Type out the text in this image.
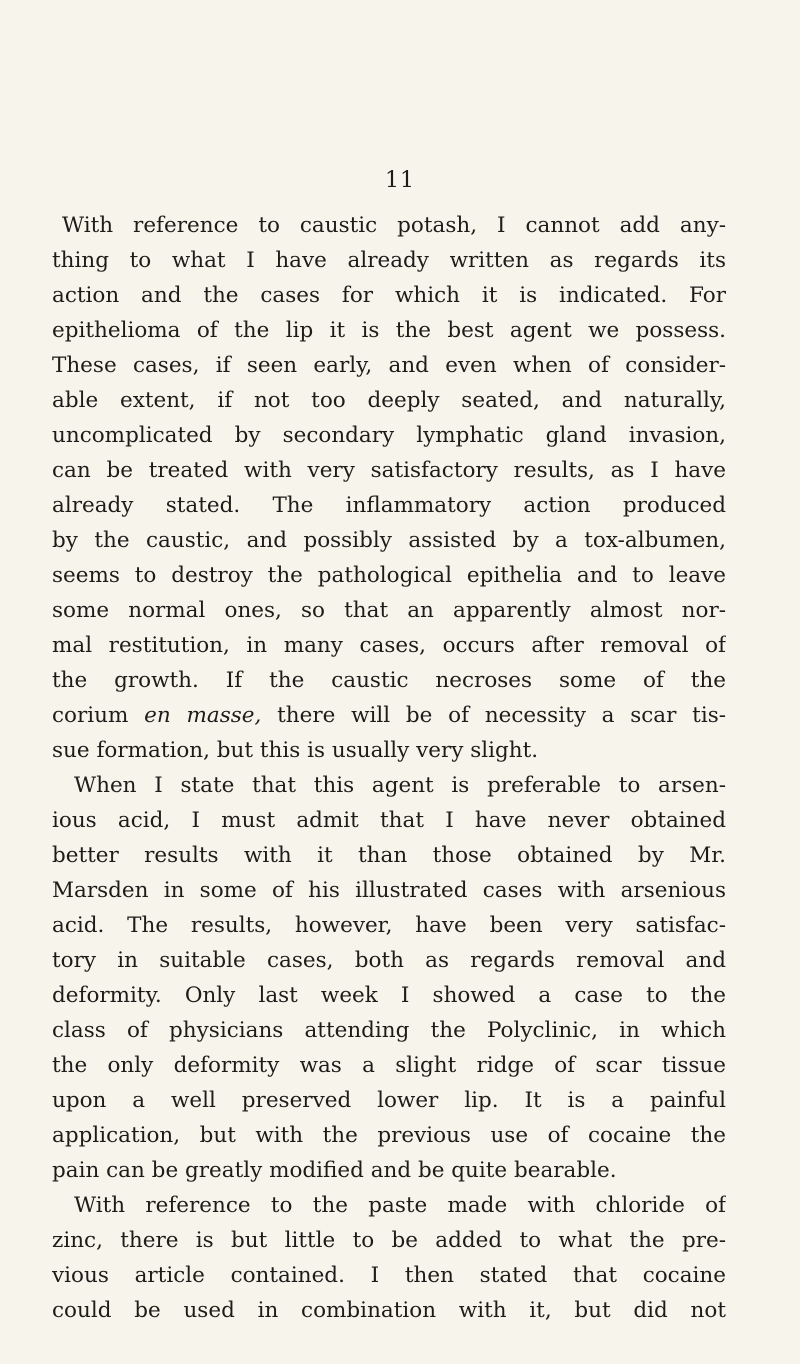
11
With reference to caustic potash, I cannot add any-
thing to what I have already written as regards its
action and the cases for which it is indicated. For
epithelioma of the lip it is the best agent we possess.
These cases, if seen early, and even when of consider-
able extent, if not too deeply seated, and naturally,
uncomplicated by secondary lymphatic gland invasion,
can be treated with very satisfactory results, as I have
already stated. The inflammatory action produced
by the caustic, and possibly assisted by a tox-albumen,
seems to destroy the pathological epithelia and to leave
some normal ones, so that an apparently almost nor-
mal restitution, in many cases, occurs after removal of
the growth. If the caustic necroses some of the
corium en masse, there will be of necessity a scar tis-
sue formation, but this is usually very slight.
When I state that this agent is preferable to arsen-
ious acid, I must admit that I have never obtained
better results with it than those obtained by Mr.
Marsden in some of his illustrated cases with arsenious
acid. The results, however, have been very satisfac-
tory in suitable cases, both as regards removal and
deformity. Only last week I showed a case to the
class of physicians attending the Polyclinic, in which
the only deformity was a slight ridge of scar tissue
upon a well preserved lower lip. It is a painful
application, but with the previous use of cocaine the
pain can be greatly modified and be quite bearable.
With reference to the paste made with chloride of
zinc, there is but little to be added to what the pre-
vious article contained. I then stated that cocaine
could be used in combination with it, but did not
